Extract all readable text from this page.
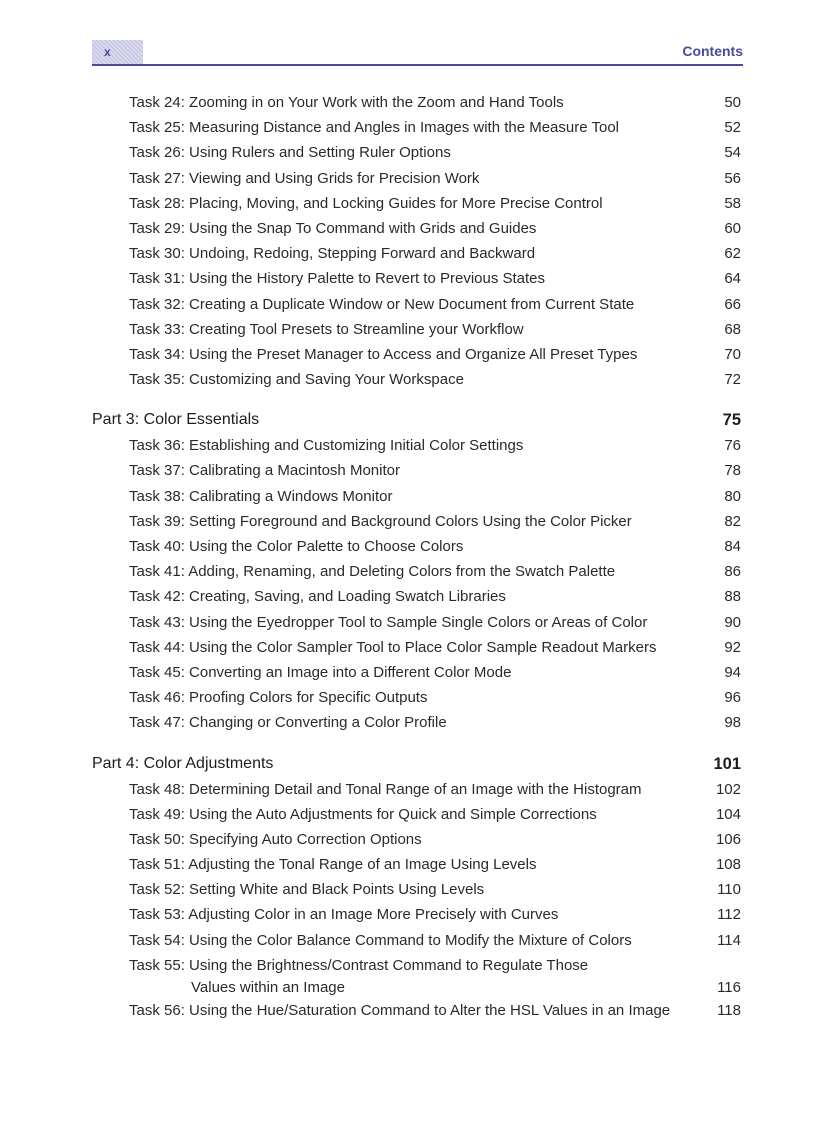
x	Contents
Task 24: Zooming in on Your Work with the Zoom and Hand Tools	50
Task 25: Measuring Distance and Angles in Images with the Measure Tool	52
Task 26: Using Rulers and Setting Ruler Options	54
Task 27: Viewing and Using Grids for Precision Work	56
Task 28: Placing, Moving, and Locking Guides for More Precise Control	58
Task 29: Using the Snap To Command with Grids and Guides	60
Task 30: Undoing, Redoing, Stepping Forward and Backward	62
Task 31: Using the History Palette to Revert to Previous States	64
Task 32: Creating a Duplicate Window or New Document from Current State	66
Task 33: Creating Tool Presets to Streamline your Workflow	68
Task 34: Using the Preset Manager to Access and Organize All Preset Types	70
Task 35: Customizing and Saving Your Workspace	72
Part 3: Color Essentials	75
Task 36: Establishing and Customizing Initial Color Settings	76
Task 37: Calibrating a Macintosh Monitor	78
Task 38: Calibrating a Windows Monitor	80
Task 39: Setting Foreground and Background Colors Using the Color Picker	82
Task 40: Using the Color Palette to Choose Colors	84
Task 41: Adding, Renaming, and Deleting Colors from the Swatch Palette	86
Task 42: Creating, Saving, and Loading Swatch Libraries	88
Task 43: Using the Eyedropper Tool to Sample Single Colors or Areas of Color	90
Task 44: Using the Color Sampler Tool to Place Color Sample Readout Markers	92
Task 45: Converting an Image into a Different Color Mode	94
Task 46: Proofing Colors for Specific Outputs	96
Task 47: Changing or Converting a Color Profile	98
Part 4: Color Adjustments	101
Task 48: Determining Detail and Tonal Range of an Image with the Histogram	102
Task 49: Using the Auto Adjustments for Quick and Simple Corrections	104
Task 50: Specifying Auto Correction Options	106
Task 51: Adjusting the Tonal Range of an Image Using Levels	108
Task 52: Setting White and Black Points Using Levels	110
Task 53: Adjusting Color in an Image More Precisely with Curves	112
Task 54: Using the Color Balance Command to Modify the Mixture of Colors	114
Task 55: Using the Brightness/Contrast Command to Regulate Those
Values within an Image	116
Task 56: Using the Hue/Saturation Command to Alter the HSL Values in an Image	118
